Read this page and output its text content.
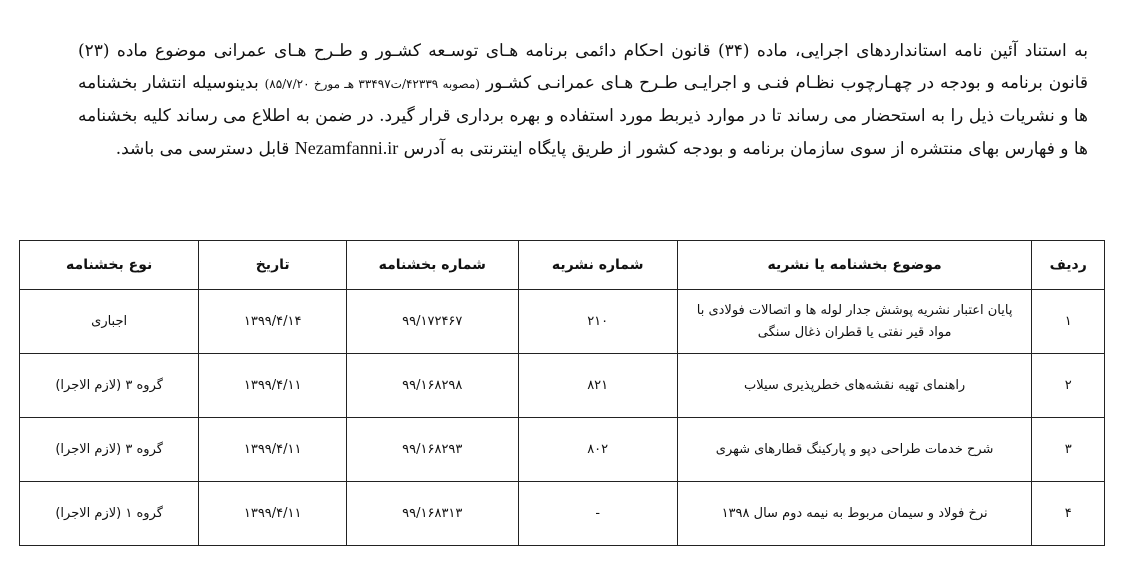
به استناد آئین نامه استانداردهای اجرایی، ماده (۳۴) قانون احکام دائمی برنامه هـای توسـعه کشـور و طـرح هـای عمرانی موضوع ماده (۲۳) قانون برنامه و بودجه در چهـارچوب نظـام فنـی و اجرایـی طـرح هـای عمرانـی کشـور (مصوبه ۴۲۳۳۹/ت۳۳۴۹۷ هـ مورخ ۸۵/۷/۲۰) بدینوسیله انتشار بخشنامه ها و نشریات ذیل را به استحضار می رساند تا در موارد ذیربط مورد استفاده و بهره برداری قرار گیرد. در ضمن به اطلاع می رساند کلیه بخشنامه ها و فهارس بهای منتشره از سوی سازمان برنامه و بودجه کشور از طریق پایگاه اینترنتی به آدرس Nezamfanni.ir قابل دسترسی می باشد.

ردیف	موضوع بخشنامه یا نشریه	شماره نشریه	شماره بخشنامه	تاریخ	نوع بخشنامه
۱	پایان اعتبار نشریه پوشش جدار لوله ها و اتصالات فولادی با مواد قیر نفتی یا قطران ذغال سنگی	۲۱۰	۹۹/۱۷۲۴۶۷	۱۳۹۹/۴/۱۴	اجباری
۲	راهنمای تهیه نقشه‌های خطرپذیری سیلاب	۸۲۱	۹۹/۱۶۸۲۹۸	۱۳۹۹/۴/۱۱	گروه ۳ (لازم الاجرا)
۳	شرح خدمات طراحی دپو و پارکینگ قطارهای شهری	۸۰۲	۹۹/۱۶۸۲۹۳	۱۳۹۹/۴/۱۱	گروه ۳ (لازم الاجرا)
۴	نرخ فولاد و سیمان مربوط به نیمه دوم سال ۱۳۹۸	-	۹۹/۱۶۸۳۱۳	۱۳۹۹/۴/۱۱	گروه ۱ (لازم الاجرا)
